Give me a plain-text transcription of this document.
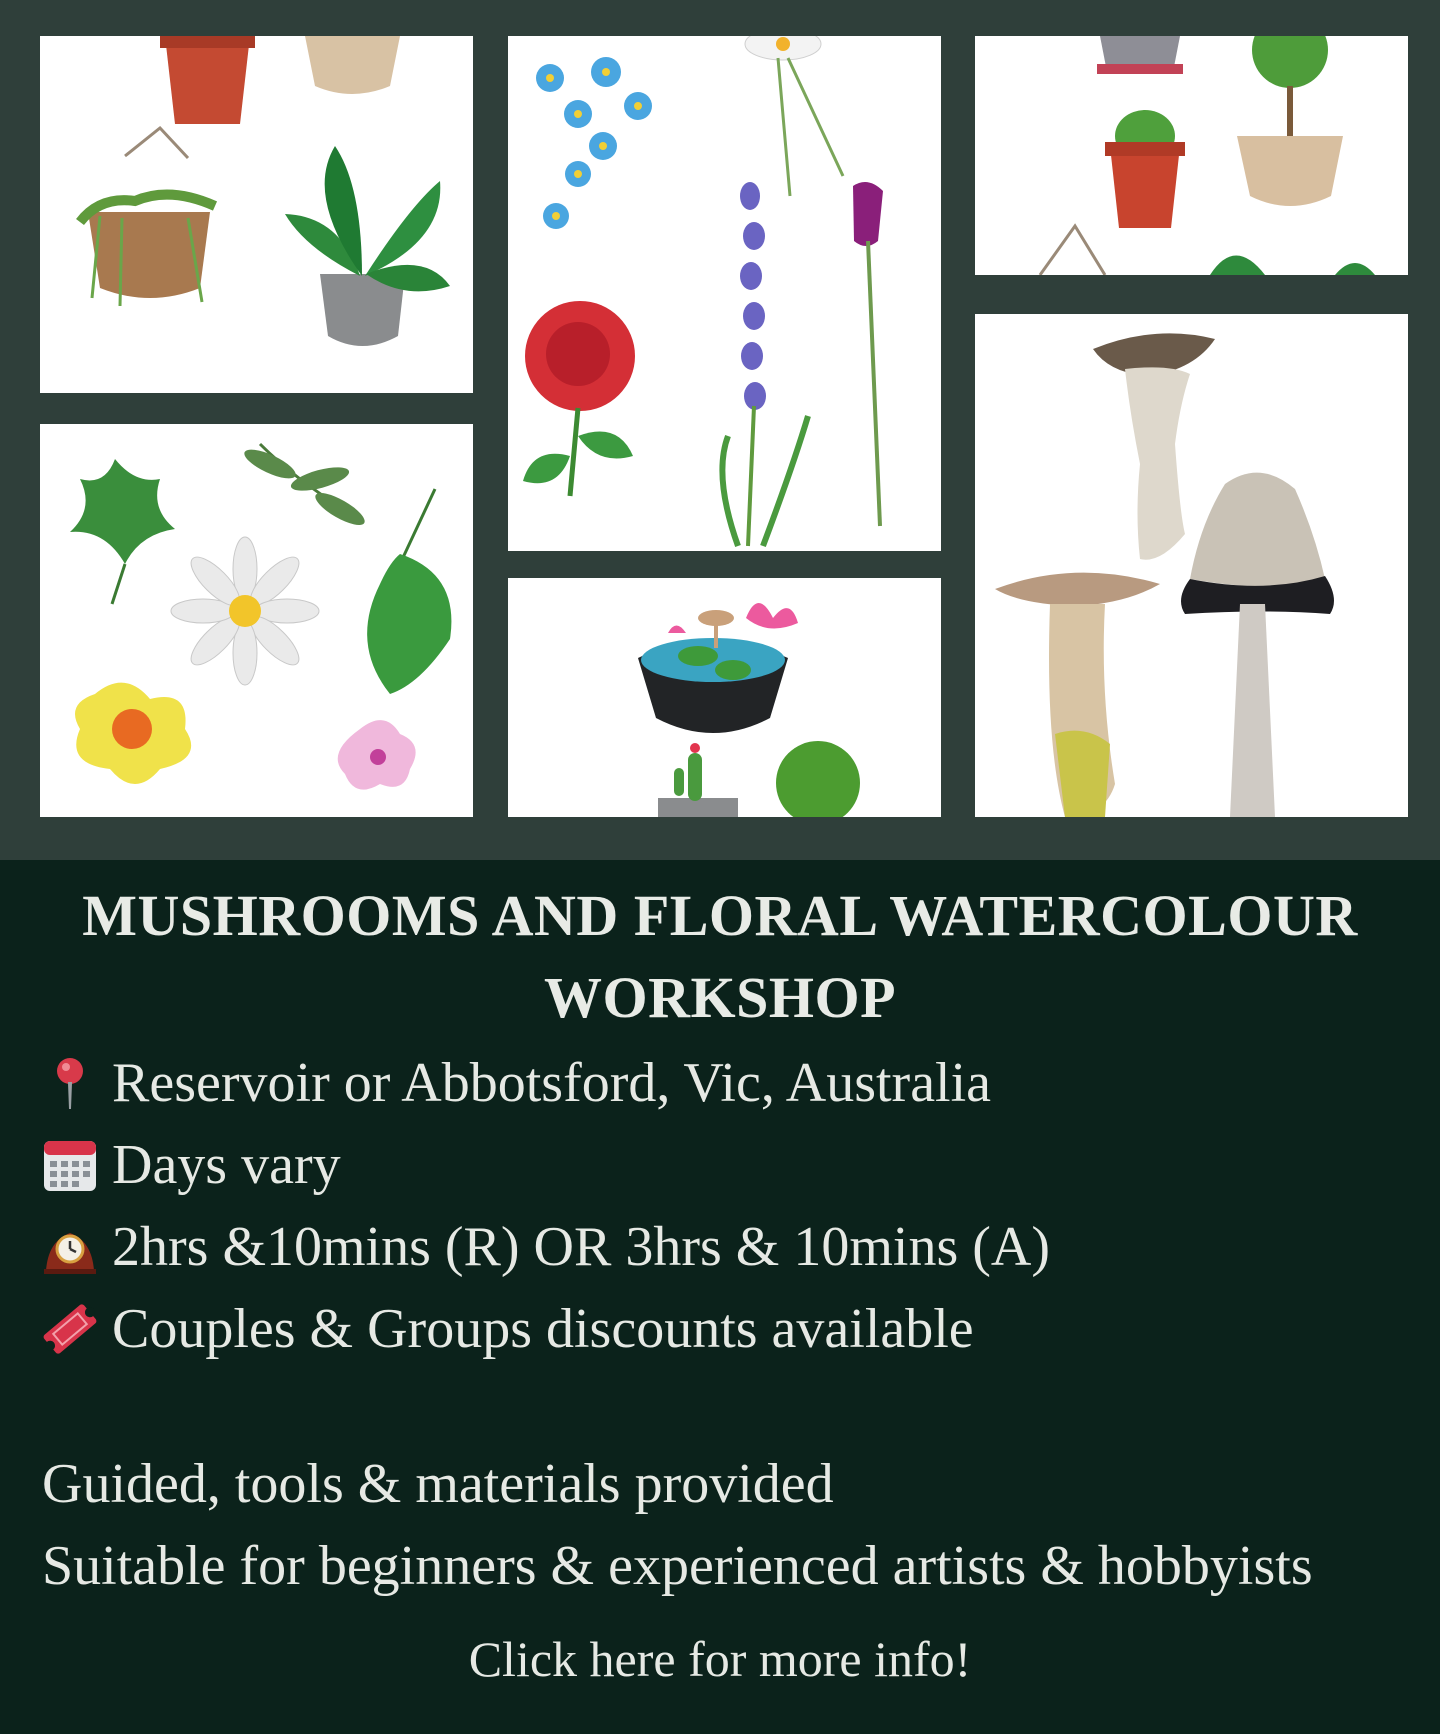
MUSHROOMS AND FLORAL WATERCOLOUR
WORKSHOP
Reservoir or Abbotsford, Vic, Australia
Days vary
2hrs &10mins (R) OR 3hrs & 10mins (A)
Couples & Groups discounts available
Guided, tools & materials provided
Suitable for beginners & experienced artists & hobbyists
Click here for more info!
